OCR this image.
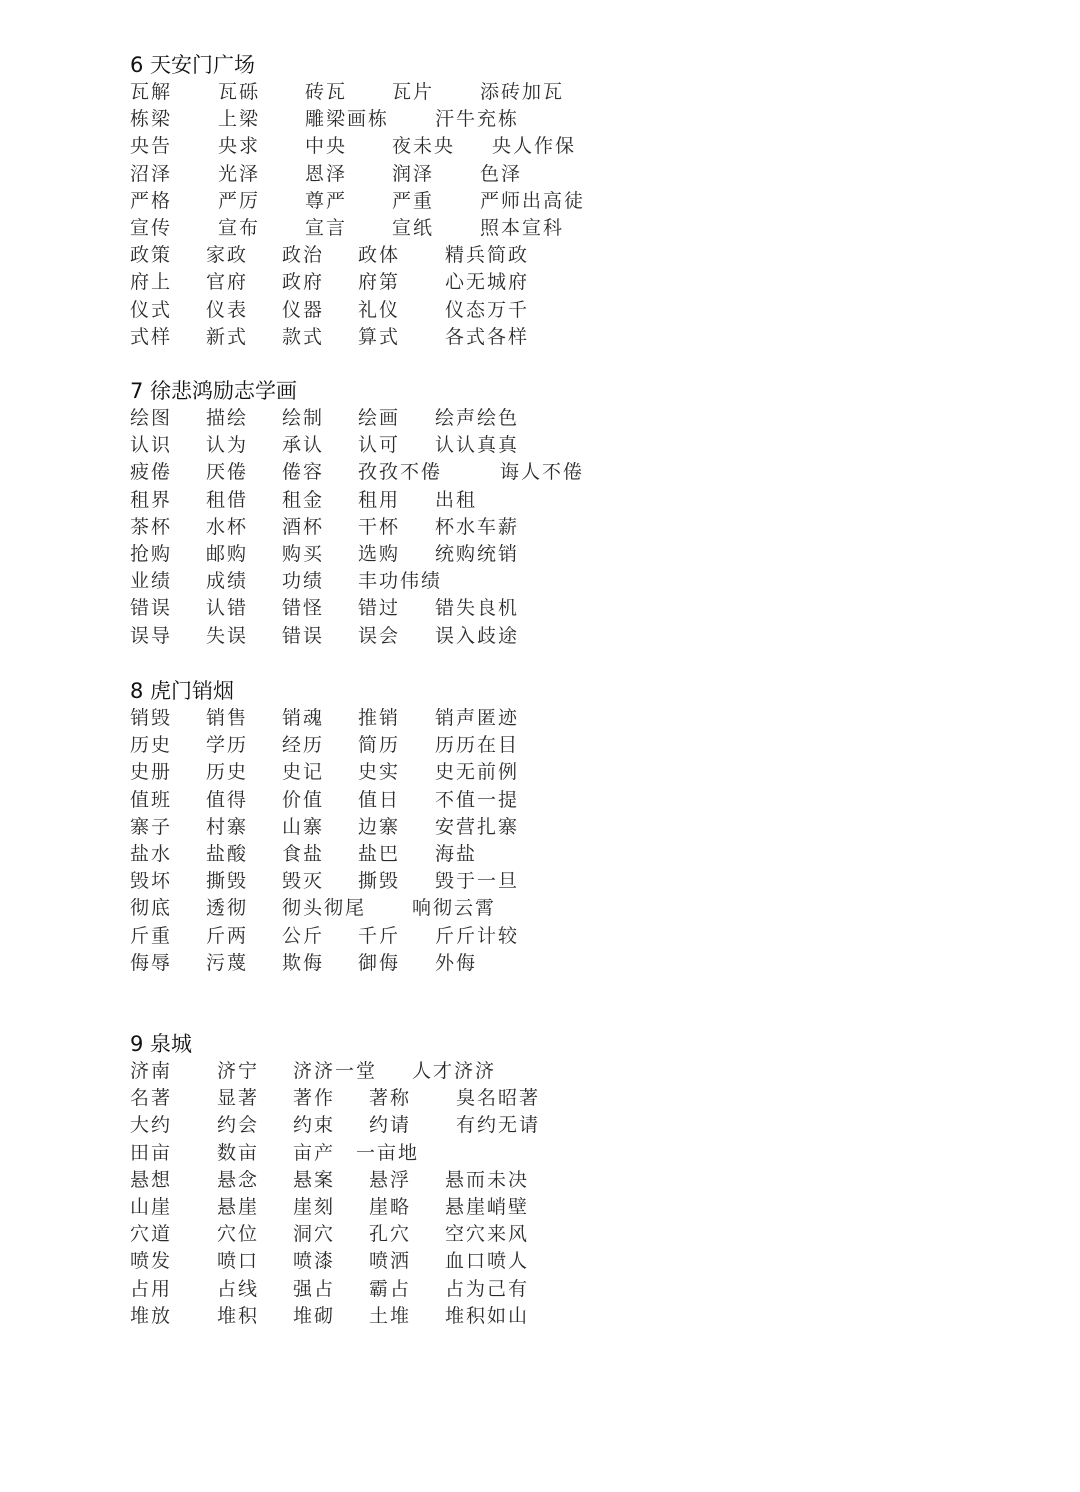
6 天安门广场
瓦解 瓦砾 砖瓦 瓦片 添砖加瓦
栋梁 上梁 雕梁画栋 汗牛充栋
央告 央求 中央 夜未央 央人作保
沼泽 光泽 恩泽 润泽 色泽
严格 严厉 尊严 严重 严师出高徒
宣传 宣布 宣言 宣纸 照本宣科
政策 家政 政治 政体 精兵简政
府上 官府 政府 府第 心无城府
仪式 仪表 仪器 礼仪 仪态万千
式样 新式 款式 算式 各式各样
7 徐悲鸿励志学画
绘图 描绘 绘制 绘画 绘声绘色
认识 认为 承认 认可 认认真真
疲倦 厌倦 倦容 孜孜不倦	诲人不倦
租界 租借 租金 租用 出租
茶杯 水杯 酒杯 干杯 杯水车薪
抢购 邮购 购买 选购 统购统销
业绩 成绩 功绩 丰功伟绩
错误 认错 错怪 错过 错失良机
误导 失误 错误 误会 误入歧途
8 虎门销烟
销毁 销售 销魂 推销 销声匿迹
历史 学历 经历 简历 历历在目
史册 历史 史记 史实 史无前例
值班 值得 价值 值日 不值一提
寨子 村寨 山寨 边寨 安营扎寨
盐水 盐酸 食盐 盐巴 海盐
毁坏 撕毁 毁灭 撕毁 毁于一旦
彻底 透彻 彻头彻尾 响彻云霄
斤重 斤两 公斤 千斤 斤斤计较
侮辱 污蔑 欺侮 御侮 外侮
9 泉城
济南 济宁 济济一堂 人才济济
名著 显著 著作 著称 臭名昭著
大约 约会 约束 约请 有约无请
田亩 数亩 亩产 一亩地
悬想 悬念 悬案 悬浮 悬而未决
山崖 悬崖 崖刻 崖略 悬崖峭壁
穴道 穴位 洞穴 孔穴 空穴来风
喷发 喷口 喷漆 喷洒 血口喷人
占用 占线 强占 霸占 占为己有
堆放 堆积 堆砌 土堆 堆积如山
